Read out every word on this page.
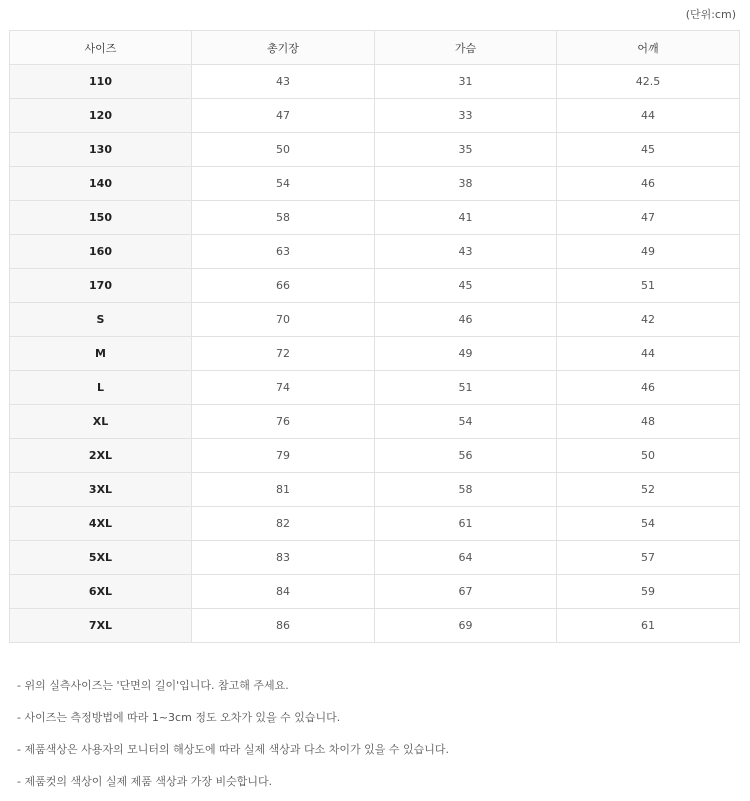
(단위:cm)
사이즈	총기장	가슴	어깨
110	43	31	42.5
120	47	33	44
130	50	35	45
140	54	38	46
150	58	41	47
160	63	43	49
170	66	45	51
S	70	46	42
M	72	49	44
L	74	51	46
XL	76	54	48
2XL	79	56	50
3XL	81	58	52
4XL	82	61	54
5XL	83	64	57
6XL	84	67	59
7XL	86	69	61
- 위의 실측사이즈는 '단면의 길이'입니다. 참고해 주세요.
- 사이즈는 측정방법에 따라 1~3cm 정도 오차가 있을 수 있습니다.
- 제품색상은 사용자의 모니터의 해상도에 따라 실제 색상과 다소 차이가 있을 수 있습니다.
- 제품컷의 색상이 실제 제품 색상과 가장 비슷합니다.
